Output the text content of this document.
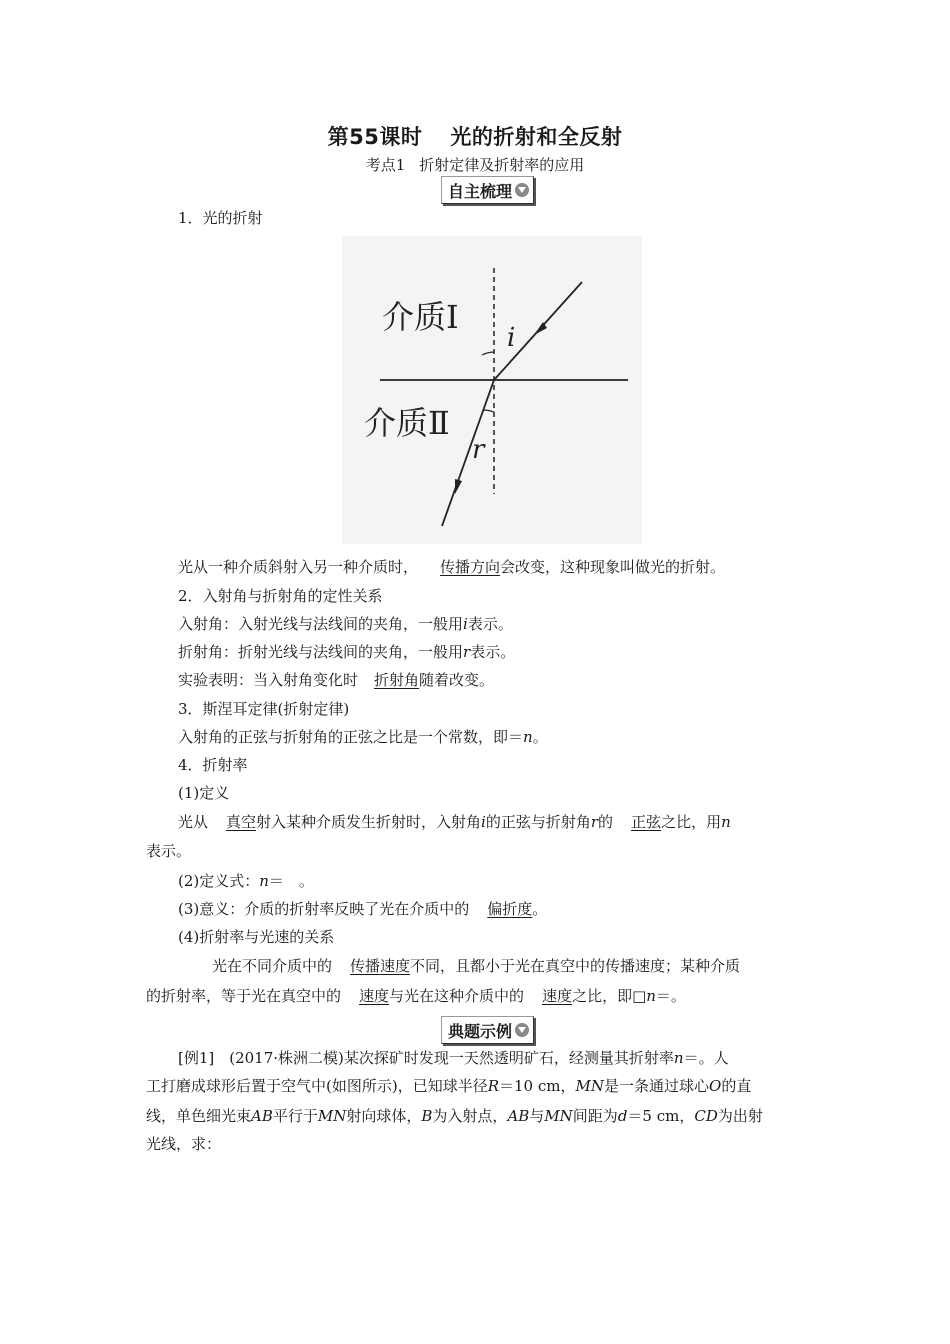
第55课时 光的折射和全反射
考点1 折射定律及折射率的应用
自主梳理
1．光的折射
介质Ⅰ
介质Ⅱ
i
r
光从一种介质斜射入另一种介质时， 传播方向会改变，这种现象叫做光的折射。
2．入射角与折射角的定性关系
入射角：入射光线与法线间的夹角，一般用i表示。
折射角：折射光线与法线间的夹角，一般用r表示。
实验表明：当入射角变化时 折射角随着改变。
3．斯涅耳定律(折射定律)
入射角的正弦与折射角的正弦之比是一个常数，即＝n。
4．折射率
(1)定义
光从 真空射入某种介质发生折射时，入射角i的正弦与折射角r的 正弦之比，用n
表示。
(2)定义式：n＝　。
(3)意义：介质的折射率反映了光在介质中的 偏折度。
(4)折射率与光速的关系
光在不同介质中的 传播速度不同，且都小于光在真空中的传播速度；某种介质
的折射率，等于光在真空中的 速度与光在这种介质中的 速度之比，即□n＝。
典题示例
[例1]　(2017·株洲二模)某次探矿时发现一天然透明矿石，经测量其折射率n＝。人
工打磨成球形后置于空气中(如图所示)，已知球半径R＝10 cm，MN是一条通过球心O的直
线，单色细光束AB平行于MN射向球体，B为入射点，AB与MN间距为d＝5 cm，CD为出射
光线，求：
